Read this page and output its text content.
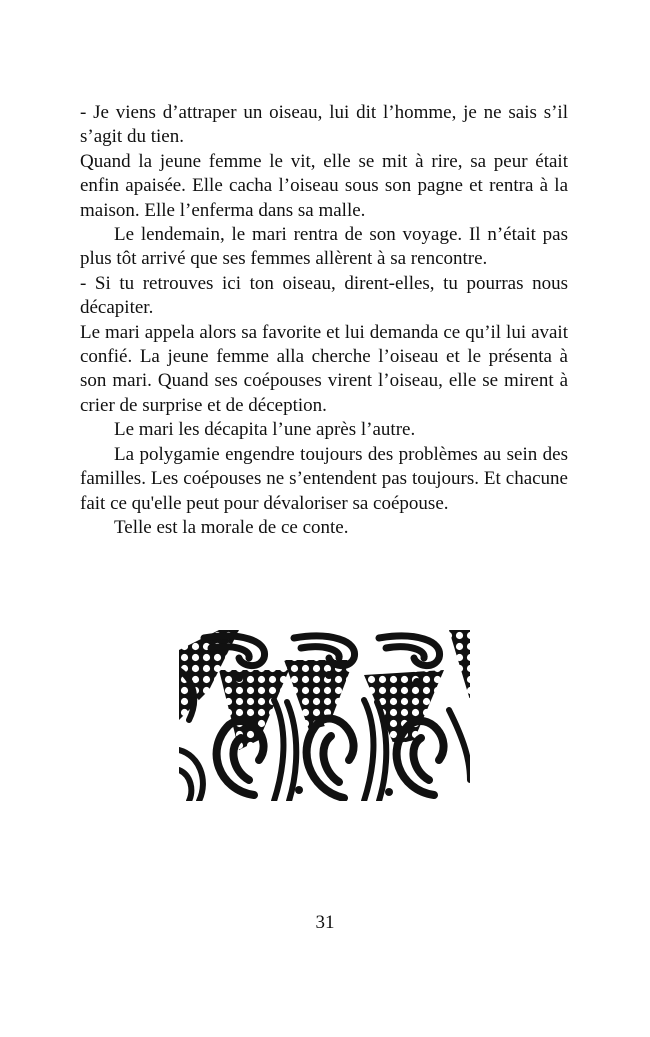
- Je viens d’attraper un oiseau, lui dit l’homme, je ne sais s’il s’agit du tien.

Quand la jeune femme le vit, elle se mit à rire, sa peur était enfin apaisée. Elle cacha l’oiseau sous son pagne et rentra à la maison. Elle l’enferma dans sa malle.

Le lendemain, le mari rentra de son voyage. Il n’était pas plus tôt arrivé que ses femmes allèrent à sa rencontre.

- Si tu retrouves ici ton oiseau, dirent-elles, tu pourras nous décapiter.

Le mari appela alors sa favorite et lui demanda ce qu’il lui avait confié. La jeune femme alla cherche l’oiseau et le présenta à son mari. Quand ses coépouses virent l’oiseau, elle se mirent à crier de surprise et de déception.

Le mari les décapita l’une après l’autre.

La polygamie engendre toujours des problèmes au sein des familles. Les coépouses ne s’entendent pas toujours. Et chacune fait ce qu'elle peut pour dévaloriser sa coépouse.

Telle est la morale de ce conte.

31
